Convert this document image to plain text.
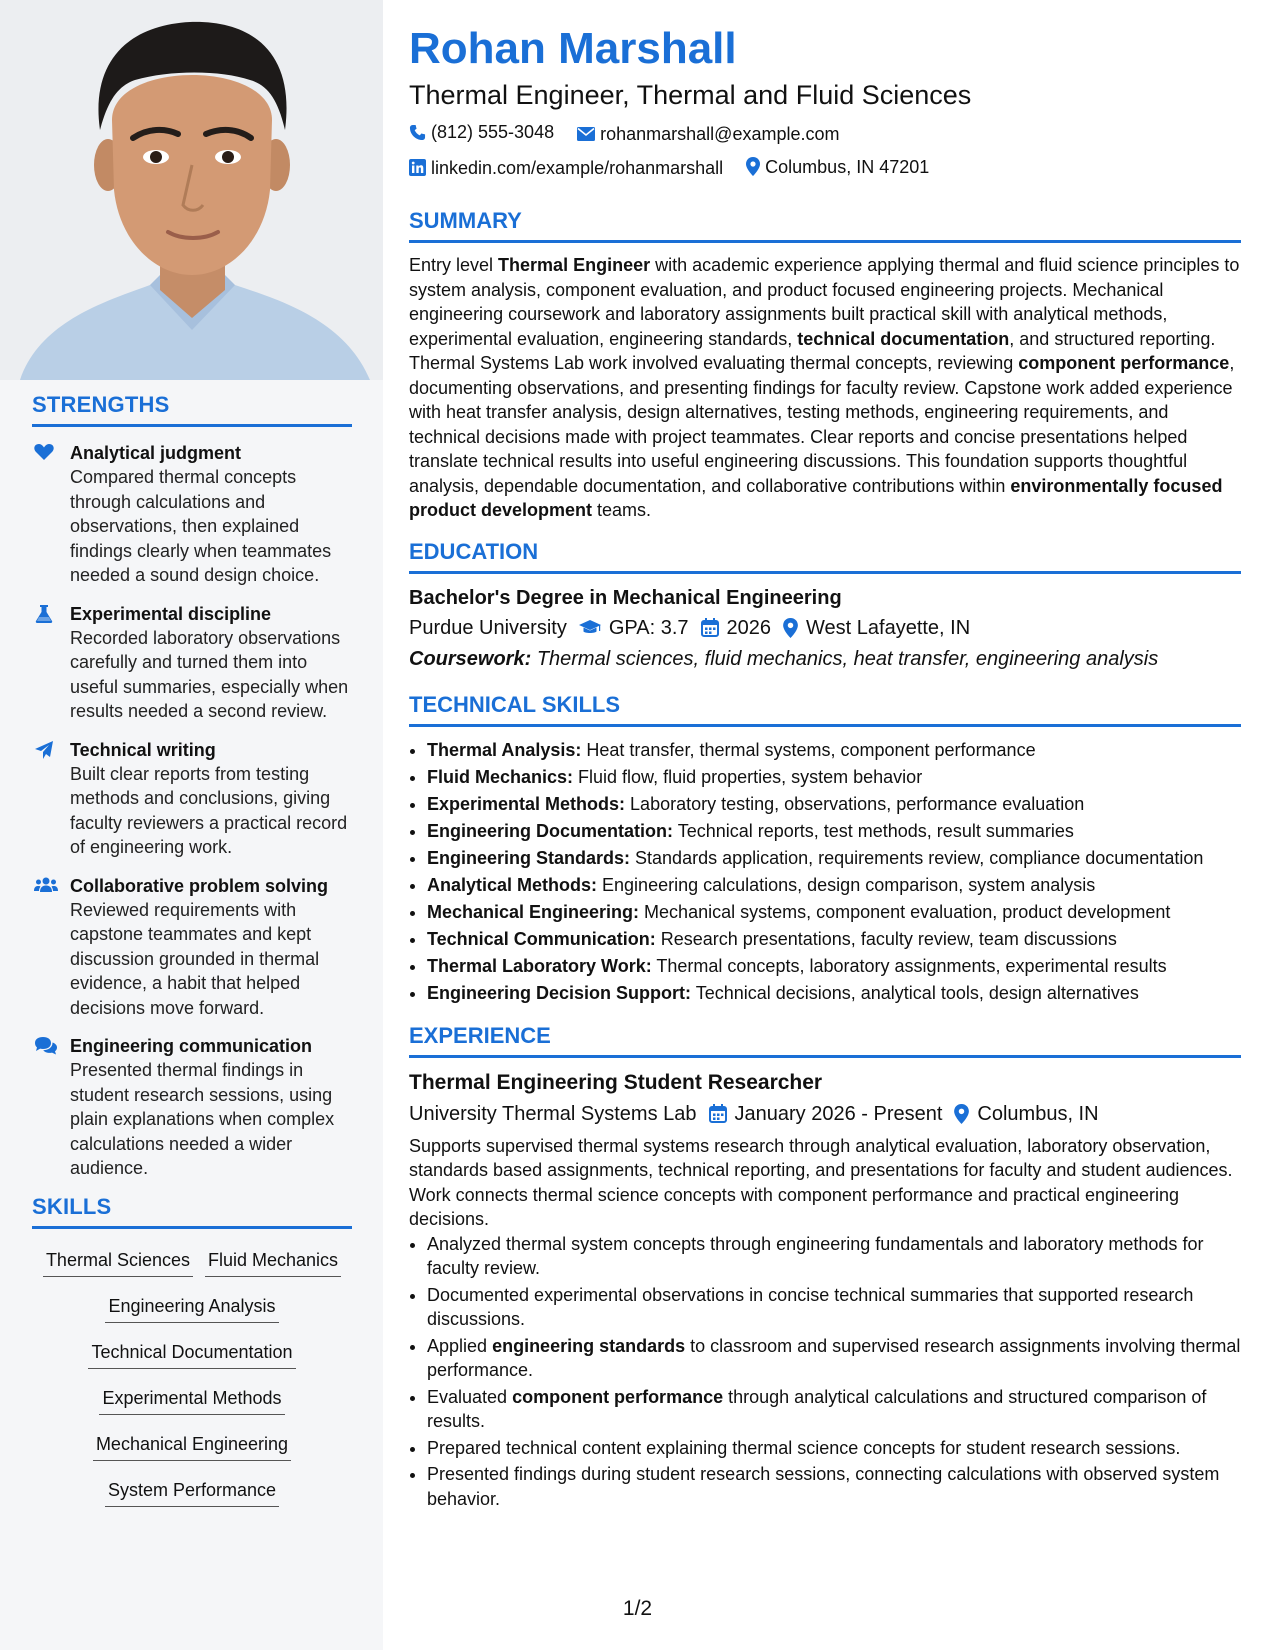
STRENGTHS
Analytical judgment
Compared thermal concepts through calculations and observations, then explained findings clearly when teammates needed a sound design choice.
Experimental discipline
Recorded laboratory observations carefully and turned them into useful summaries, especially when results needed a second review.
Technical writing
Built clear reports from testing methods and conclusions, giving faculty reviewers a practical record of engineering work.
Collaborative problem solving
Reviewed requirements with capstone teammates and kept discussion grounded in thermal evidence, a habit that helped decisions move forward.
Engineering communication
Presented thermal findings in student research sessions, using plain explanations when complex calculations needed a wider audience.
SKILLS
Thermal Sciences Fluid Mechanics
Engineering Analysis
Technical Documentation
Experimental Methods
Mechanical Engineering
System Performance
Rohan Marshall
Thermal Engineer, Thermal and Fluid Sciences
(812) 555-3048
	rohanmarshall@example.com
linkedin.com/example/rohanmarshall
Columbus, IN 47201
SUMMARY

Entry level Thermal Engineer with academic experience applying thermal and fluid science principles to system analysis, component evaluation, and product focused engineering projects. Mechanical engineering coursework and laboratory assignments built practical skill with analytical methods, experimental evaluation, engineering standards, technical documentation, and structured reporting. Thermal Systems Lab work involved evaluating thermal concepts, reviewing component performance, documenting observations, and presenting findings for faculty review. Capstone work added experience with heat transfer analysis, design alternatives, testing methods, engineering requirements, and technical decisions made with project teammates. Clear reports and concise presentations helped translate technical results into useful engineering discussions. This foundation supports thoughtful analysis, dependable documentation, and collaborative contributions within environmentally focused product development teams.

EDUCATION
Bachelor's Degree in Mechanical Engineering
Purdue University GPA: 3.7 2026 West Lafayette, IN
Coursework: Thermal sciences, fluid mechanics, heat transfer, engineering analysis
TECHNICAL SKILLS
• Thermal Analysis: Heat transfer, thermal systems, component performance
• Fluid Mechanics: Fluid flow, fluid properties, system behavior
• Experimental Methods: Laboratory testing, observations, performance evaluation
• Engineering Documentation: Technical reports, test methods, result summaries
• Engineering Standards: Standards application, requirements review, compliance documentation
• Analytical Methods: Engineering calculations, design comparison, system analysis
• Mechanical Engineering: Mechanical systems, component evaluation, product development
• Technical Communication: Research presentations, faculty review, team discussions
• Thermal Laboratory Work: Thermal concepts, laboratory assignments, experimental results
• Engineering Decision Support: Technical decisions, analytical tools, design alternatives
EXPERIENCE
Thermal Engineering Student Researcher
University Thermal Systems Lab January 2026 - Present Columbus, IN

Supports supervised thermal systems research through analytical evaluation, laboratory observation, standards based assignments, technical reporting, and presentations for faculty and student audiences. Work connects thermal science concepts with component performance and practical engineering decisions.

• Analyzed thermal system concepts through engineering fundamentals and laboratory methods for faculty review.
• Documented experimental observations in concise technical summaries that supported research discussions.
• Applied engineering standards to classroom and supervised research assignments involving thermal performance.
• Evaluated component performance through analytical calculations and structured comparison of results.
• Prepared technical content explaining thermal science concepts for student research sessions.
• Presented findings during student research sessions, connecting calculations with observed system behavior.
1/2
